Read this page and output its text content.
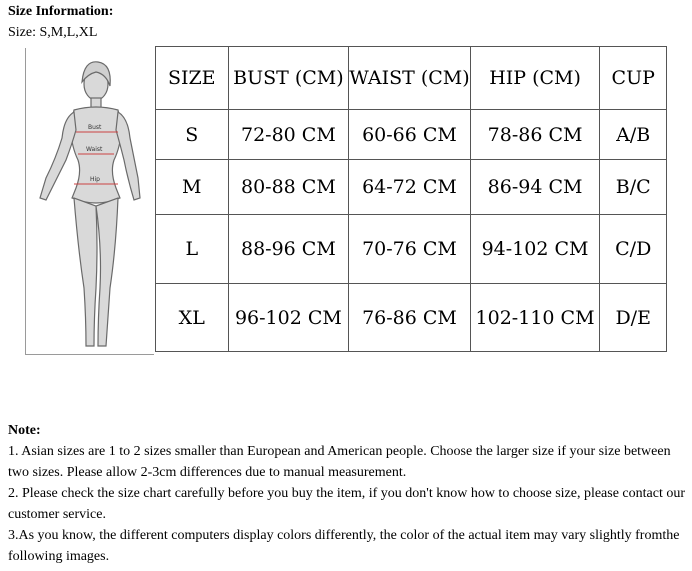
Size Information:
Size: S,M,L,XL
Bust
Waist
Hip
SIZE	BUST (CM)	WAIST (CM)	HIP (CM)	CUP
S	72-80 CM	60-66 CM	78-86 CM	A/B
M	80-88 CM	64-72 CM	86-94 CM	B/C
L	88-96 CM	70-76 CM	94-102 CM	C/D
XL	96-102 CM	76-86 CM	102-110 CM	D/E
Note:

1. Asian sizes are 1 to 2 sizes smaller than European and American people. Choose the larger size if your size between two sizes. Please allow 2-3cm differences due to manual measurement.

2. Please check the size chart carefully before you buy the item, if you don't know how to choose size, please contact our customer service.

3.As you know, the different computers display colors differently, the color of the actual item may vary slightly fromthe following images.
